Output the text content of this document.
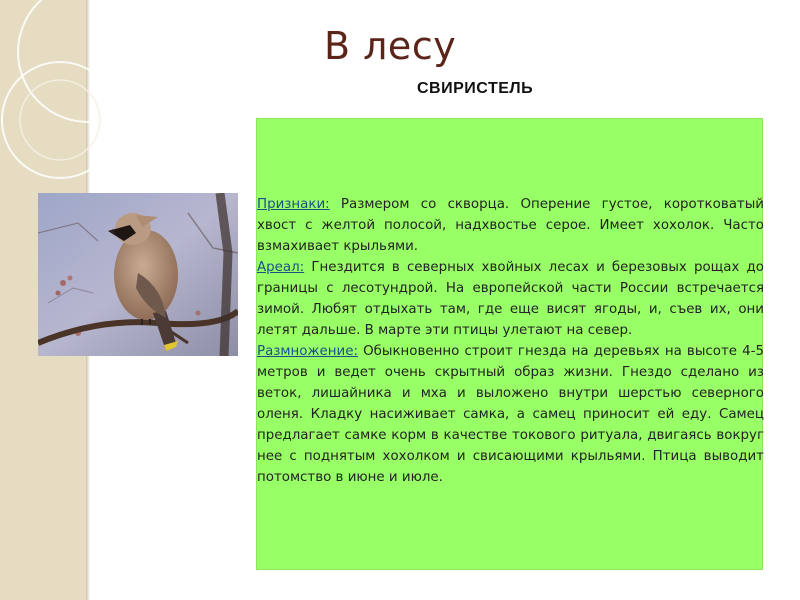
В лесу
СВИРИСТЕЛЬ

Признаки: Размером со скворца. Оперение густое, коротковатый хвост с желтой полосой, надхвостье серое. Имеет хохолок. Часто взмахивает крыльями.

Ареал: Гнездится в северных хвойных лесах и березовых рощах до границы с лесотундрой. На европейской части России встречается зимой. Любят отдыхать там, где еще висят ягоды, и, съев их, они летят дальше. В марте эти птицы улетают на север.

Размножение: Обыкновенно строит гнезда на деревьях на высоте 4-5 метров и ведет очень скрытный образ жизни. Гнездо сделано из веток, лишайника и мха и выложено внутри шерстью северного оленя. Кладку насиживает самка, а самец приносит ей еду. Самец предлагает самке корм в качестве токового ритуала, двигаясь вокруг нее с поднятым хохолком и свисающими крыльями. Птица выводит потомство в июне и июле.
